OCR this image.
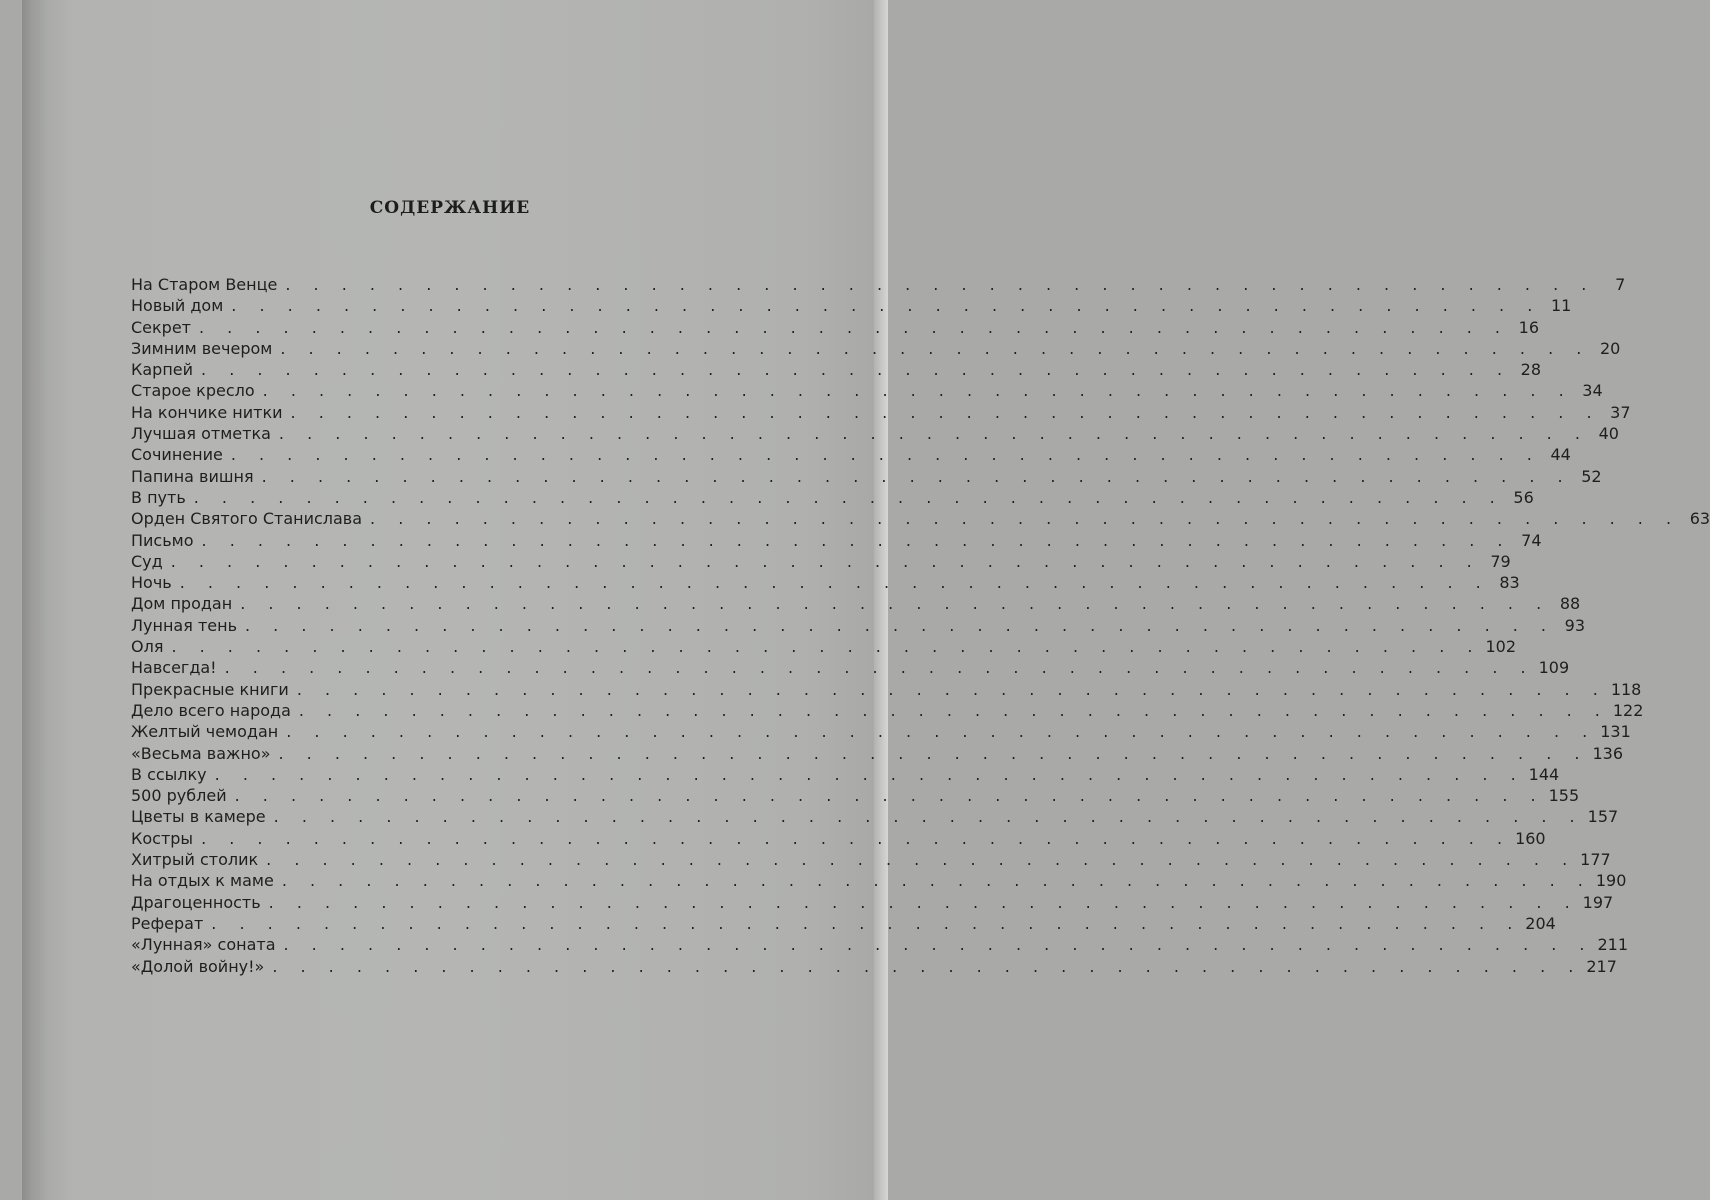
СОДЕРЖАНИЕ
На Старом Венце . . . . . . . . . . . . . . . . . . . . . . . . . . . . . . . . . . . . . . . . . . . . . . .	7
Новый дом . . . . . . . . . . . . . . . . . . . . . . . . . . . . . . . . . . . . . . . . . . . . . . . 11
Секрет . . . . . . . . . . . . . . . . . . . . . . . . . . . . . . . . . . . . . . . . . . . . . . . 16
Зимним вечером . . . . . . . . . . . . . . . . . . . . . . . . . . . . . . . . . . . . . . . . . . . . . . . 20
Карпей . . . . . . . . . . . . . . . . . . . . . . . . . . . . . . . . . . . . . . . . . . . . . . . 28
Старое кресло . . . . . . . . . . . . . . . . . . . . . . . . . . . . . . . . . . . . . . . . . . . . . . . 34
На кончике нитки . . . . . . . . . . . . . . . . . . . . . . . . . . . . . . . . . . . . . . . . . . . . . . . 37
Лучшая отметка . . . . . . . . . . . . . . . . . . . . . . . . . . . . . . . . . . . . . . . . . . . . . . . 40
Сочинение . . . . . . . . . . . . . . . . . . . . . . . . . . . . . . . . . . . . . . . . . . . . . . . 44
Папина вишня . . . . . . . . . . . . . . . . . . . . . . . . . . . . . . . . . . . . . . . . . . . . . . . 52
В путь . . . . . . . . . . . . . . . . . . . . . . . . . . . . . . . . . . . . . . . . . . . . . . . 56
Орден Святого Станислава . . . . . . . . . . . . . . . . . . . . . . . . . . . . . . . . . . . . . . . . . . . . . . . 63
Письмо . . . . . . . . . . . . . . . . . . . . . . . . . . . . . . . . . . . . . . . . . . . . . . . 74
Суд . . . . . . . . . . . . . . . . . . . . . . . . . . . . . . . . . . . . . . . . . . . . . . . 79
Ночь . . . . . . . . . . . . . . . . . . . . . . . . . . . . . . . . . . . . . . . . . . . . . . . 83
Дом продан . . . . . . . . . . . . . . . . . . . . . . . . . . . . . . . . . . . . . . . . . . . . . . . 88
Лунная тень . . . . . . . . . . . . . . . . . . . . . . . . . . . . . . . . . . . . . . . . . . . . . . . 93
Оля . . . . . . . . . . . . . . . . . . . . . . . . . . . . . . . . . . . . . . . . . . . . . . . 102
Навсегда! . . . . . . . . . . . . . . . . . . . . . . . . . . . . . . . . . . . . . . . . . . . . . . . 109
Прекрасные книги . . . . . . . . . . . . . . . . . . . . . . . . . . . . . . . . . . . . . . . . . . . . . . . 118
Дело всего народа . . . . . . . . . . . . . . . . . . . . . . . . . . . . . . . . . . . . . . . . . . . . . . . 122
Желтый чемодан . . . . . . . . . . . . . . . . . . . . . . . . . . . . . . . . . . . . . . . . . . . . . . . 131
«Весьма важно» . . . . . . . . . . . . . . . . . . . . . . . . . . . . . . . . . . . . . . . . . . . . . . . 136
В ссылку . . . . . . . . . . . . . . . . . . . . . . . . . . . . . . . . . . . . . . . . . . . . . . . 144
500 рублей . . . . . . . . . . . . . . . . . . . . . . . . . . . . . . . . . . . . . . . . . . . . . . . 155
Цветы в камере . . . . . . . . . . . . . . . . . . . . . . . . . . . . . . . . . . . . . . . . . . . . . . . 157
Костры . . . . . . . . . . . . . . . . . . . . . . . . . . . . . . . . . . . . . . . . . . . . . . . 160
Хитрый столик . . . . . . . . . . . . . . . . . . . . . . . . . . . . . . . . . . . . . . . . . . . . . . . 177
На отдых к маме . . . . . . . . . . . . . . . . . . . . . . . . . . . . . . . . . . . . . . . . . . . . . . . 190
Драгоценность . . . . . . . . . . . . . . . . . . . . . . . . . . . . . . . . . . . . . . . . . . . . . . . 197
Реферат . . . . . . . . . . . . . . . . . . . . . . . . . . . . . . . . . . . . . . . . . . . . . . . 204
«Лунная» соната . . . . . . . . . . . . . . . . . . . . . . . . . . . . . . . . . . . . . . . . . . . . . . . 211
«Долой войну!» . . . . . . . . . . . . . . . . . . . . . . . . . . . . . . . . . . . . . . . . . . . . . . . 217
